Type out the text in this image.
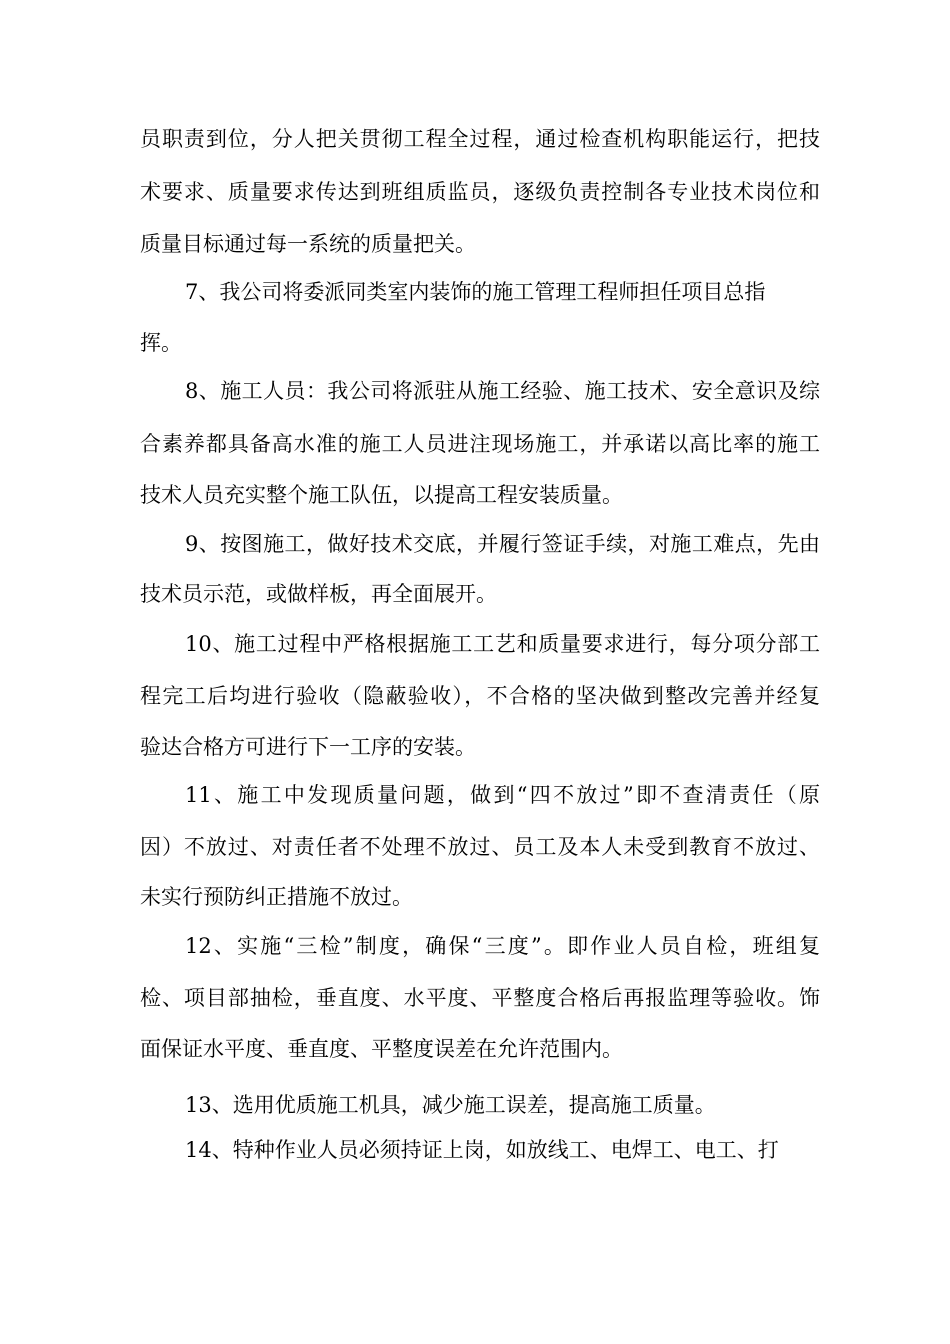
员职责到位，分人把关贯彻工程全过程，通过检查机构职能运行，把技
术要求、质量要求传达到班组质监员，逐级负责控制各专业技术岗位和
质量目标通过每一系统的质量把关。
7、我公司将委派同类室内装饰的施工管理工程师担任项目总指
挥。
8、施工人员：我公司将派驻从施工经验、施工技术、安全意识及综
合素养都具备高水准的施工人员进注现场施工，并承诺以高比率的施工
技术人员充实整个施工队伍，以提高工程安装质量。
9、按图施工，做好技术交底，并履行签证手续，对施工难点，先由
技术员示范，或做样板，再全面展开。
10、施工过程中严格根据施工工艺和质量要求进行，每分项分部工
程完工后均进行验收（隐蔽验收），不合格的坚决做到整改完善并经复
验达合格方可进行下一工序的安装。
11、施工中发现质量问题，做到“四不放过”即不查清责任（原
因）不放过、对责任者不处理不放过、员工及本人未受到教育不放过、
未实行预防纠正措施不放过。
12、实施“三检”制度，确保“三度”。即作业人员自检，班组复
检、项目部抽检，垂直度、水平度、平整度合格后再报监理等验收。饰
面保证水平度、垂直度、平整度误差在允许范围内。
13、选用优质施工机具，减少施工误差，提高施工质量。
14、特种作业人员必须持证上岗，如放线工、电焊工、电工、打
